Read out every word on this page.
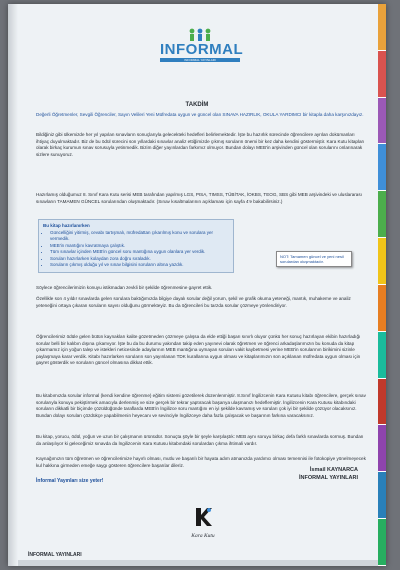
INFORMAL
INFORMAL YAYINLARI
TAKDİM
Değerli Öğretmenler, Sevgili Öğrenciler, Sayın Velileri Yeni Müfredata uygun ve güncel olan SINAVA HAZIRLIK, OKULA YARDIMCI bir kitapla daha karşınızdayız.
Bildiğiniz gibi ülkemizde her yıl yapılan sınavların sonuçlarıyla gelecekteki hedefleri belirlemektedir. İşte bu hazırlık sürecinde öğrencilere ayrılan dokümanları ihtiyaç duyulmaktadır. Biz de bu ödül sürecini son yıllardaki sınavlar analiz ettiğimizde çıkmış soruların önemi bir kez daha kendini göstermiştir. Kara Kutu kitapları olarak birkaç kurumun sınav sorusuyla yetinmedik. Bizim diğer yayınlardan farkımız olmuyor. Bundan dolayı MEB'in arşivinden güncel olan sorularını onlarınarak sizlere sunuyoruz.
Hazırlamış olduğumuz 8. Sınıf Kara Kutu serisi MEB tarafından yapılmış LGS, PISA, TIMSS, TÜBİTAK, İOKBS, TEOG, SBS gibi MEB arşivindeki ve uluslararası sınavların TAMAMEN GÜNCEL sorularından oluşmaktadır. (Sınav kısaltmalarının açıklaması için sayfa 4'e bakabilirsiniz.)
Söylece öğrencilerimizin konuyu istikmadan zevkli bir şekilde öğrenmesine gayret ettik.
Özellikle son 4 yıldır sınavlarda gelen sorulara baktığımızda bilgiye dayalı sorular değil yorum, şekil ve grafik okuma yeteneği, mantık, muhakeme ve analiz yeteneğini ortaya çıkaran soruların sayısı olduğunu görmekteyiz. Bu da öğrencileri bu tarzda sorular çözmeye yönlendiriyor.
Öğrencilerimiz ödüle gelen bütün kaynakları kalite gözetmeden çözmeye çalışsa da elde ettiği başarı sınırlı oluyor çünkü her sonuç hazırlayan ekibin hazırladığı sorular belli bir kalıbın dışına çıkamıyor. İşte bu da bu durumu yakından takip eden yayınevi olarak öğretmen ve öğrenci arkadaşlarımızın bu konuda da kitap çıkarmamız için yoğun talep ve istekleri neticesinde adaylarının MEB mantığına uymayan soruları vakit kaybetmesi yerine MEB'in sorularının birikimini sizinle paylaşmaya karar verdik. Kitabı hazırlarken soruların son yayınlanan TDK kurallarına uygun olması ve kitaplarımızın son açıklanan müfredata uygun olması için gayret gösterdik ve soruların güncel olmasına dikkat ettik.
Bu kitabımızda sorular informal (kendi kendine öğrenme) eğitim sistemi gözetilerek düzenlenmiştir. 8.Sınıf İngilizcenin Kara Kutusu kitabı öğrencilere, gerçek sınav sorularıyla konuyu pekiştirmek amacıyla derlenmiş ve size gerçek bir tekrar yaptıracak başarıya ulaşmanızı hedeflemiştir. İngilizcenin Kara Kutusu kitabındaki soruların dikkatli bir biçimde çözüldüğünde taraflarda MEB'in İngilizce soru mantığını en iyi şekilde kavramış ve soruları çok iyi bir şekilde çözüyor olacaksınız. Bundan dolayı soruları çözdükçe yapabilmenin heyecanı ve sevinciyle İngilizceye daha fazla çalışacak ve başarının farkına varacaksınız.
Bu kitap, yorucu, ödül, yoğun ve uzun bir çalışmanın ürünüdür. Sonuçta şöyle bir şeyle karşılaştık: MEB aynı soruyu birkaç defa farklı sınavlarda sormuş. Bundan da anlaşılıyor ki geleceğimiz sınavda da İngilizcenin Kara Kutusu kitabındaki sorulardan çıkma ihtimali vardır.
Kaynağımızın tüm öğretmen ve öğrencilerimize hayırlı olması, mutlu ve başarılı bir hayata adım atmanızda yardımcı olması temennisi ile fotokopiye yönelmeyecek kul hakkına girmeden emeğe saygı gösteren öğrencilere başarılar dileriz.
Bu kitap hazırlanırken
• Güncelliğini yitirmiş, cevabı tartışmalı, müfredattan çıkarılmış konu ve sorulara yer vermedik.
• MEB'in mantığını kavratmaya çalıştık.
• Tüm sınavlar içinden MEB'in güncel soru mantığına uygun olanlara yer verdik.
• Soruları hazırlarken kolaydan zora doğru sıraladık.
• Soruların çıkmış olduğu yıl ve sınav bilgisini soruların altına yazdık.
NOT: Tamamen güncel ve yeni nesil sorulardan oluşmaktadır.
İnformal Yayınları size yeter!
İsmail KAYNARCA
İNFORMAL YAYINLARI
Kara Kutu
İNFORMAL YAYINLARI
